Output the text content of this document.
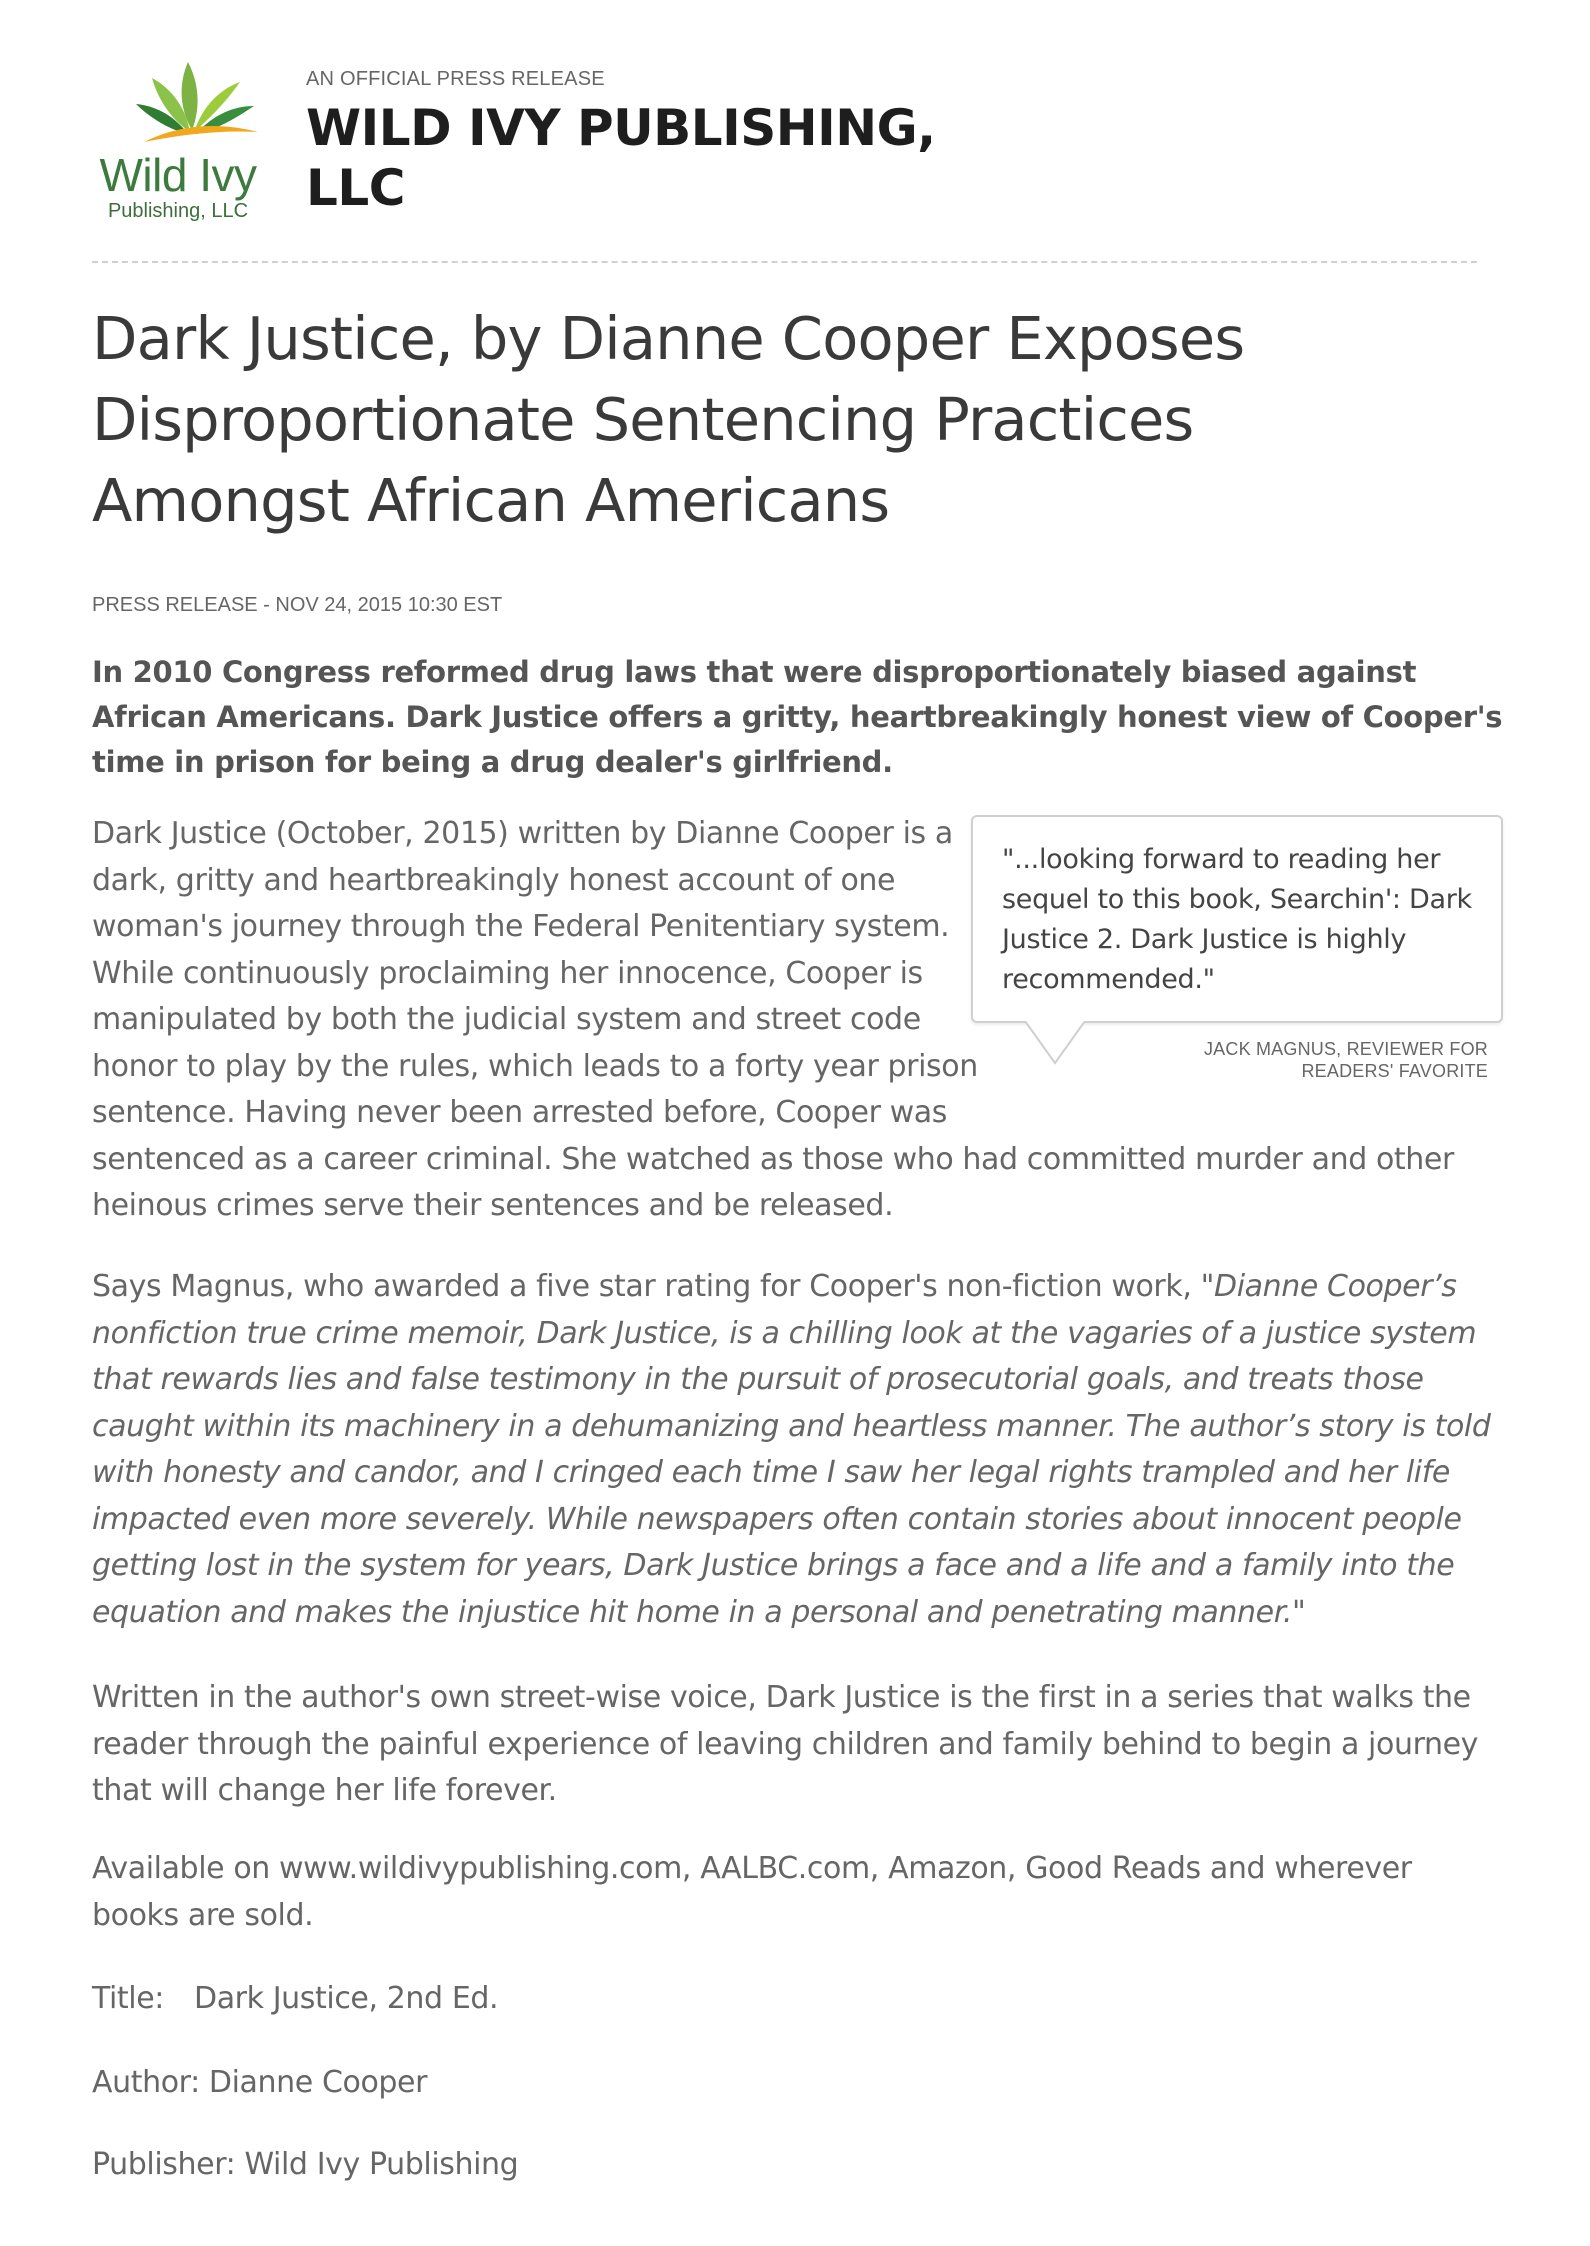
Wild Ivy
Publishing, LLC
AN OFFICIAL PRESS RELEASE
WILD IVY PUBLISHING, LLC
Dark Justice, by Dianne Cooper Exposes Disproportionate Sentencing Practices Amongst African Americans
PRESS RELEASE - NOV 24, 2015 10:30 EST

In 2010 Congress reformed drug laws that were disproportionately biased against African Americans. Dark Justice offers a gritty, heartbreakingly honest view of Cooper's time in prison for being a drug dealer's girlfriend.

Dark Justice (October, 2015) written by Dianne Cooper is a dark, gritty and heartbreakingly honest account of one woman's journey through the Federal Penitentiary system. While continuously proclaiming her innocence, Cooper is manipulated by both the judicial system and street code honor to play by the rules, which leads to a forty year prison sentence. Having never been arrested before, Cooper was sentenced as a career criminal. She watched as those who had committed murder and other heinous crimes serve their sentences and be released.

"...looking forward to reading her sequel to this book, Searchin': Dark Justice 2. Dark Justice is highly recommended."
JACK MAGNUS, REVIEWER FOR
READERS' FAVORITE

Says Magnus, who awarded a five star rating for Cooper's non-fiction work, "Dianne Cooper’s nonfiction true crime memoir, Dark Justice, is a chilling look at the vagaries of a justice system that rewards lies and false testimony in the pursuit of prosecutorial goals, and treats those caught within its machinery in a dehumanizing and heartless manner. The author’s story is told with honesty and candor, and I cringed each time I saw her legal rights trampled and her life impacted even more severely. While newspapers often contain stories about innocent people getting lost in the system for years, Dark Justice brings a face and a life and a family into the equation and makes the injustice hit home in a personal and penetrating manner."

Written in the author's own street-wise voice, Dark Justice is the first in a series that walks the reader through the painful experience of leaving children and family behind to begin a journey that will change her life forever.

Available on www.wildivypublishing.com, AALBC.com, Amazon, Good Reads and wherever books are sold.

Title: Dark Justice, 2nd Ed.

Author: Dianne Cooper

Publisher: Wild Ivy Publishing
